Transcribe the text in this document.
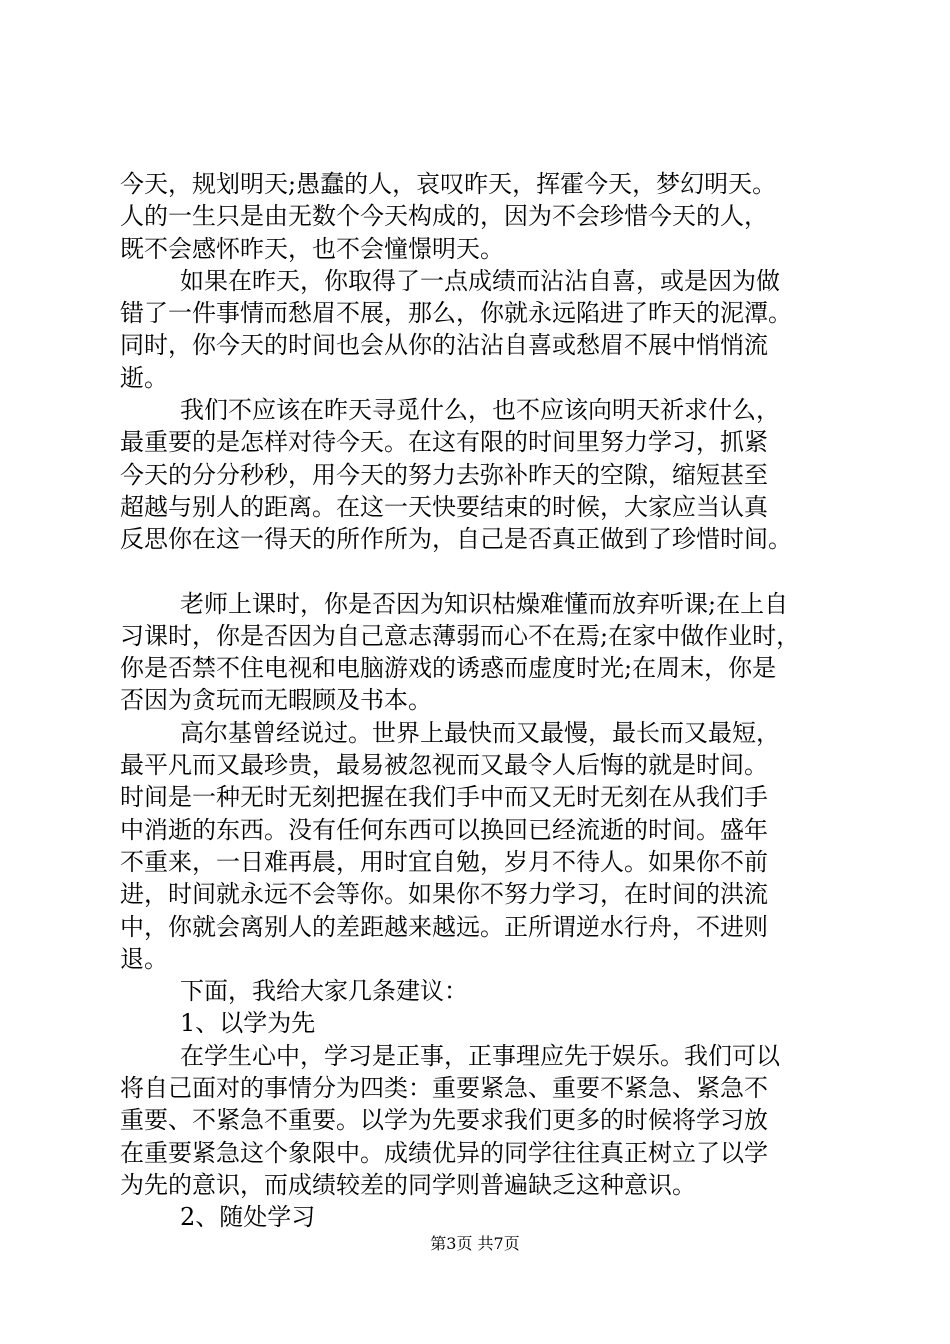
今天，规划明天;愚蠢的人，哀叹昨天，挥霍今天，梦幻明天。
人的一生只是由无数个今天构成的，因为不会珍惜今天的人，
既不会感怀昨天，也不会憧憬明天。
如果在昨天，你取得了一点成绩而沾沾自喜，或是因为做
错了一件事情而愁眉不展，那么，你就永远陷进了昨天的泥潭。
同时，你今天的时间也会从你的沾沾自喜或愁眉不展中悄悄流
逝。
我们不应该在昨天寻觅什么，也不应该向明天祈求什么，
最重要的是怎样对待今天。在这有限的时间里努力学习，抓紧
今天的分分秒秒，用今天的努力去弥补昨天的空隙，缩短甚至
超越与别人的距离。在这一天快要结束的时候，大家应当认真
反思你在这一得天的所作所为，自己是否真正做到了珍惜时间。
老师上课时，你是否因为知识枯燥难懂而放弃听课;在上自
习课时，你是否因为自己意志薄弱而心不在焉;在家中做作业时，
你是否禁不住电视和电脑游戏的诱惑而虚度时光;在周末，你是
否因为贪玩而无暇顾及书本。
高尔基曾经说过。世界上最快而又最慢，最长而又最短，
最平凡而又最珍贵，最易被忽视而又最令人后悔的就是时间。
时间是一种无时无刻把握在我们手中而又无时无刻在从我们手
中消逝的东西。没有任何东西可以换回已经流逝的时间。盛年
不重来，一日难再晨，用时宜自勉，岁月不待人。如果你不前
进，时间就永远不会等你。如果你不努力学习，在时间的洪流
中，你就会离别人的差距越来越远。正所谓逆水行舟，不进则
退。
下面，我给大家几条建议：
1、以学为先
在学生心中，学习是正事，正事理应先于娱乐。我们可以
将自己面对的事情分为四类：重要紧急、重要不紧急、紧急不
重要、不紧急不重要。以学为先要求我们更多的时候将学习放
在重要紧急这个象限中。成绩优异的同学往往真正树立了以学
为先的意识，而成绩较差的同学则普遍缺乏这种意识。
2、随处学习
第3页 共7页
